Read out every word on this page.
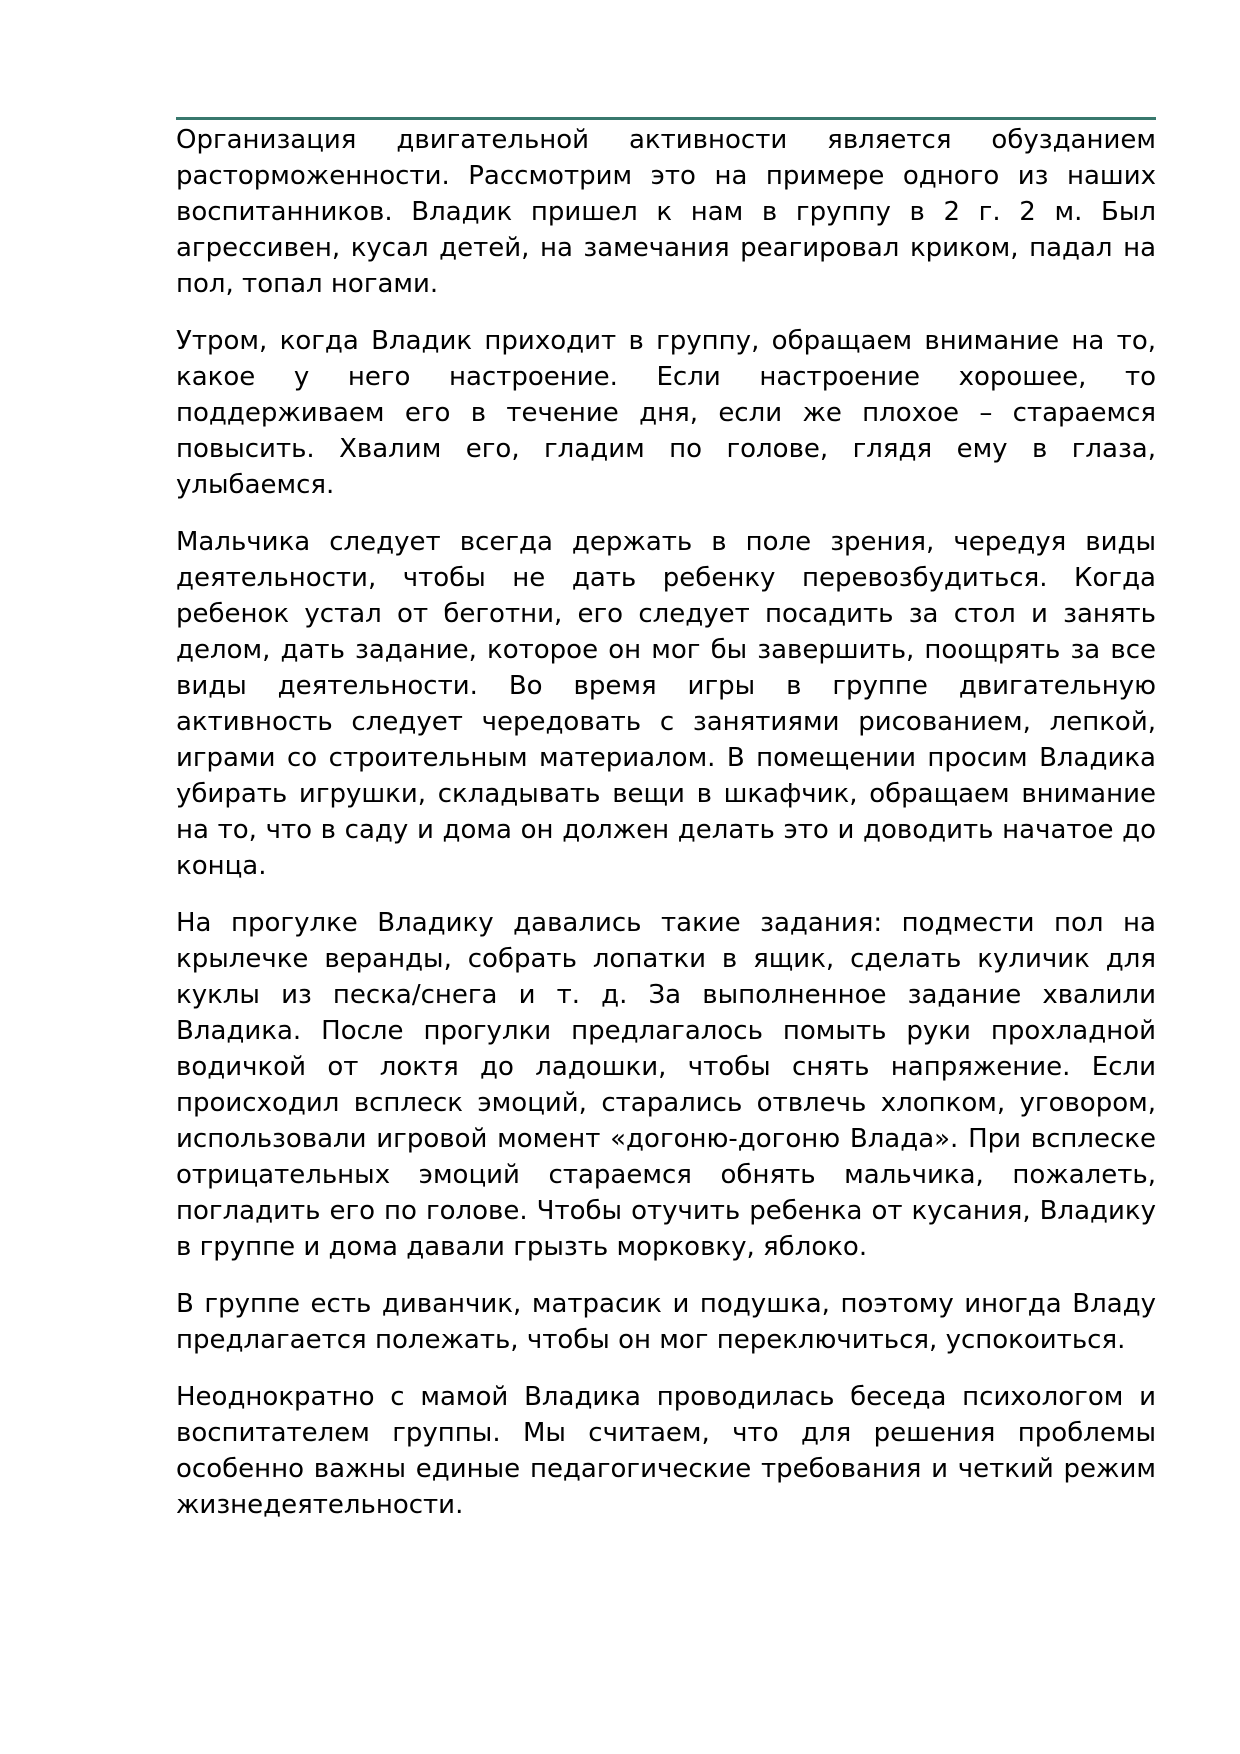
Организация двигательной активности является обузданием расторможенности. Рассмотрим это на примере одного из наших воспитанников. Владик пришел к нам в группу в 2 г. 2 м. Был агрессивен, кусал детей, на замечания реагировал криком, падал на пол, топал ногами.

Утром, когда Владик приходит в группу, обращаем внимание на то, какое у него настроение. Если настроение хорошее, то поддерживаем его в течение дня, если же плохое – стараемся повысить. Хвалим его, гладим по голове, глядя ему в глаза, улыбаемся.

Мальчика следует всегда держать в поле зрения, чередуя виды деятельности, чтобы не дать ребенку перевозбудиться. Когда ребенок устал от беготни, его следует посадить за стол и занять делом, дать задание, которое он мог бы завершить, поощрять за все виды деятельности. Во время игры в группе двигательную активность следует чередовать с занятиями рисованием, лепкой, играми со строительным материалом. В помещении просим Владика убирать игрушки, складывать вещи в шкафчик, обращаем внимание на то, что в саду и дома он должен делать это и доводить начатое до конца.

На прогулке Владику давались такие задания: подмести пол на крылечке веранды, собрать лопатки в ящик, сделать куличик для куклы из песка/снега и т. д. За выполненное задание хвалили Владика. После прогулки предлагалось помыть руки прохладной водичкой от локтя до ладошки, чтобы снять напряжение. Если происходил всплеск эмоций, старались отвлечь хлопком, уговором, использовали игровой момент «догоню-догоню Влада». При всплеске отрицательных эмоций стараемся обнять мальчика, пожалеть, погладить его по голове. Чтобы отучить ребенка от кусания, Владику в группе и дома давали грызть морковку, яблоко.

В группе есть диванчик, матрасик и подушка, поэтому иногда Владу предлагается полежать, чтобы он мог переключиться, успокоиться.

Неоднократно с мамой Владика проводилась беседа психологом и воспитателем группы. Мы считаем, что для решения проблемы особенно важны единые педагогические требования и четкий режим жизнедеятельности.
